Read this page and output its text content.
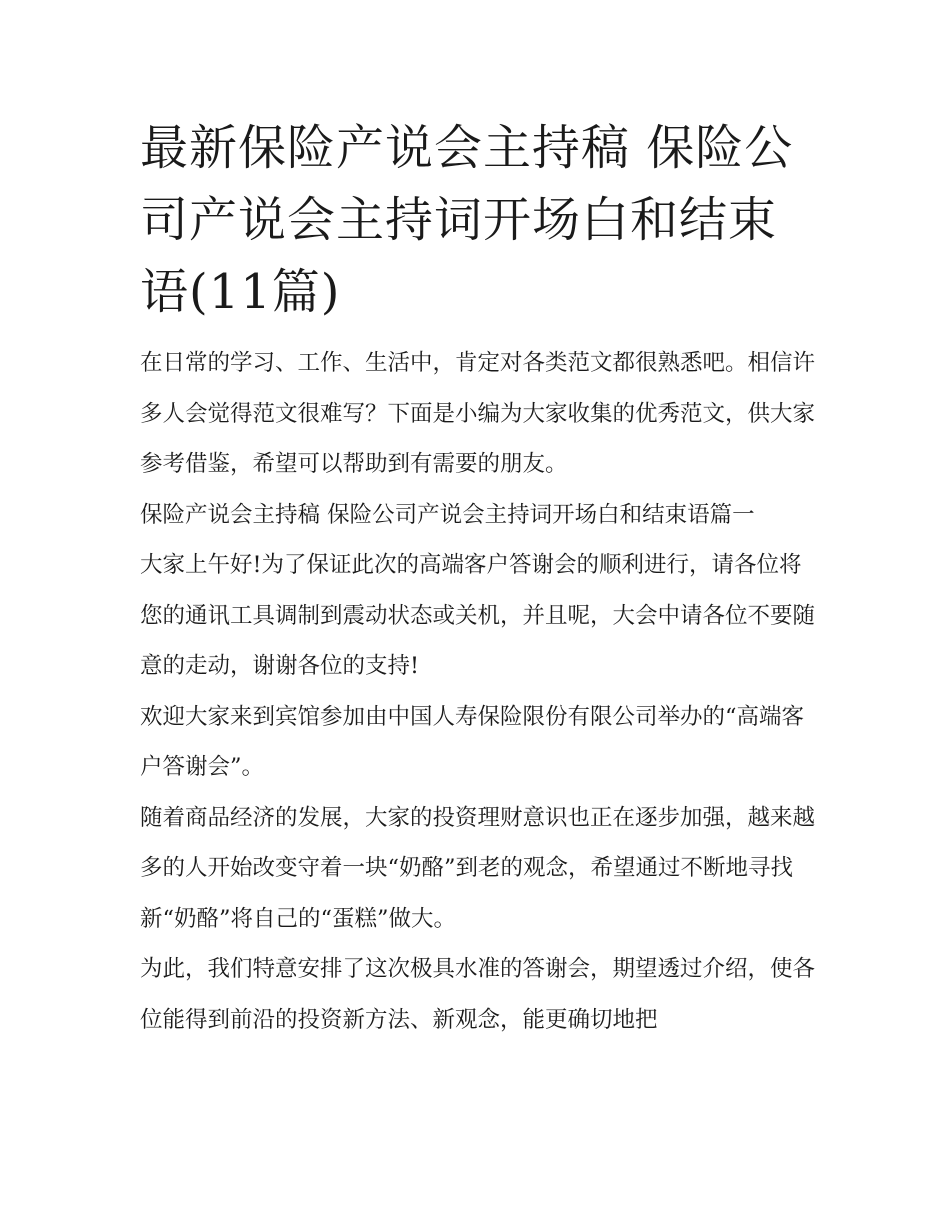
最新保险产说会主持稿 保险公司产说会主持词开场白和结束语(11篇)

在日常的学习、工作、生活中，肯定对各类范文都很熟悉吧。相信许多人会觉得范文很难写？下面是小编为大家收集的优秀范文，供大家参考借鉴，希望可以帮助到有需要的朋友。

保险产说会主持稿 保险公司产说会主持词开场白和结束语篇一

大家上午好!为了保证此次的高端客户答谢会的顺利进行，请各位将您的通讯工具调制到震动状态或关机，并且呢，大会中请各位不要随意的走动，谢谢各位的支持!

欢迎大家来到宾馆参加由中国人寿保险限份有限公司举办的“高端客户答谢会”。

随着商品经济的发展，大家的投资理财意识也正在逐步加强，越来越多的人开始改变守着一块“奶酪”到老的观念，希望通过不断地寻找新“奶酪”将自己的“蛋糕”做大。

为此，我们特意安排了这次极具水准的答谢会，期望透过介绍，使各位能得到前沿的投资新方法、新观念，能更确切地把
